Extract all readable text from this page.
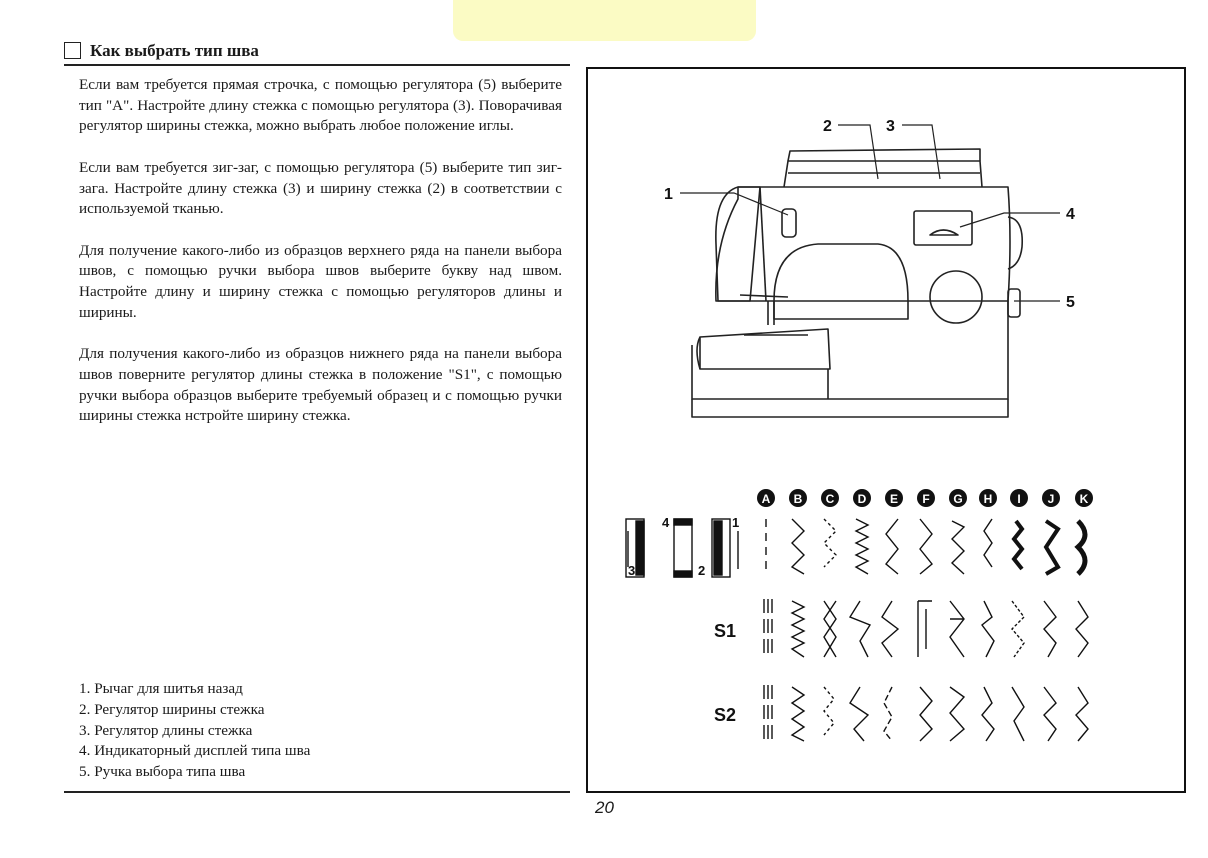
Как выбрать тип шва

Если вам требуется прямая строчка, с помощью регулятора (5) выберите тип "A". Настройте длину стежка с помощью регулятора (3). Поворачивая регулятор ширины стежка, можно выбрать любое положение иглы.

Если вам требуется зиг-заг, с помощью регулятора (5) выберите тип зиг-зага. Настройте длину стежка (3) и ширину стежка (2) в соответствии с используемой тканью.

Для получение какого-либо из образцов верхнего ряда на панели выбора швов, с помощью ручки выбора швов выберите букву над швом. Настройте длину и ширину стежка с помощью регуляторов длины и ширины.

Для получения какого-либо из образцов нижнего ряда на панели выбора швов поверните регулятор длины стежка в положение "S1", с помощью ручки выбора образцов выберите требуемый образец и с помощью ручки ширины стежка нстройте ширину стежка.

1. Рычаг для шитья назад
2. Регулятор ширины стежка
3. Регулятор длины стежка
4. Индикаторный дисплей типа шва
5. Ручка выбора типа шва
1
2	3
4
5
A B C D E F G H I J K
3
4
2
1
S1
S2
20
